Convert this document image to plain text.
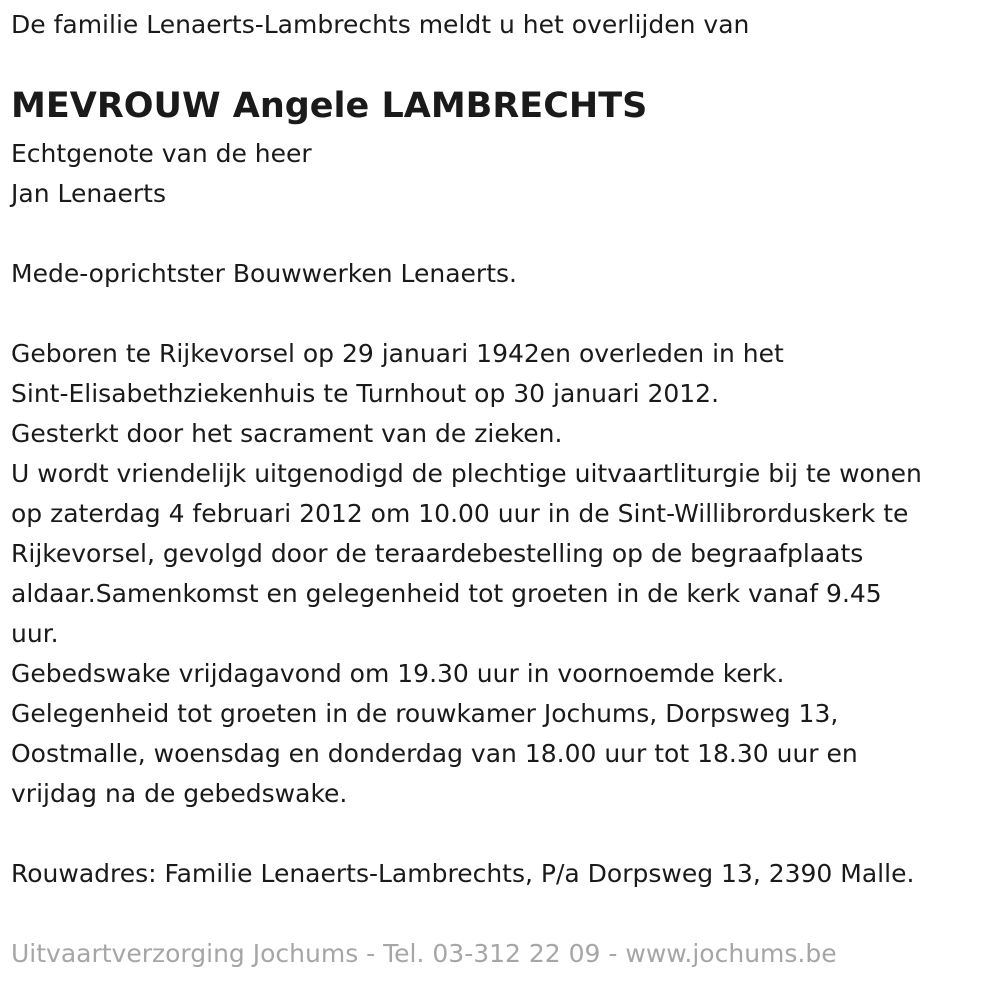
De familie Lenaerts-Lambrechts meldt u het overlijden van
MEVROUW Angele LAMBRECHTS
Echtgenote van de heer
Jan Lenaerts
Mede-oprichtster Bouwwerken Lenaerts.
Geboren te Rijkevorsel op 29 januari 1942en overleden in het
Sint-Elisabethziekenhuis te Turnhout op 30 januari 2012.
Gesterkt door het sacrament van de zieken.
U wordt vriendelijk uitgenodigd de plechtige uitvaartliturgie bij te wonen
op zaterdag 4 februari 2012 om 10.00 uur in de Sint-Willibrorduskerk te
Rijkevorsel, gevolgd door de teraardebestelling op de begraafplaats
aldaar.Samenkomst en gelegenheid tot groeten in de kerk vanaf 9.45
uur.
Gebedswake vrijdagavond om 19.30 uur in voornoemde kerk.
Gelegenheid tot groeten in de rouwkamer Jochums, Dorpsweg 13,
Oostmalle, woensdag en donderdag van 18.00 uur tot 18.30 uur en
vrijdag na de gebedswake.
Rouwadres: Familie Lenaerts-Lambrechts, P/a Dorpsweg 13, 2390 Malle.
Uitvaartverzorging Jochums - Tel. 03-312 22 09 - www.jochums.be
